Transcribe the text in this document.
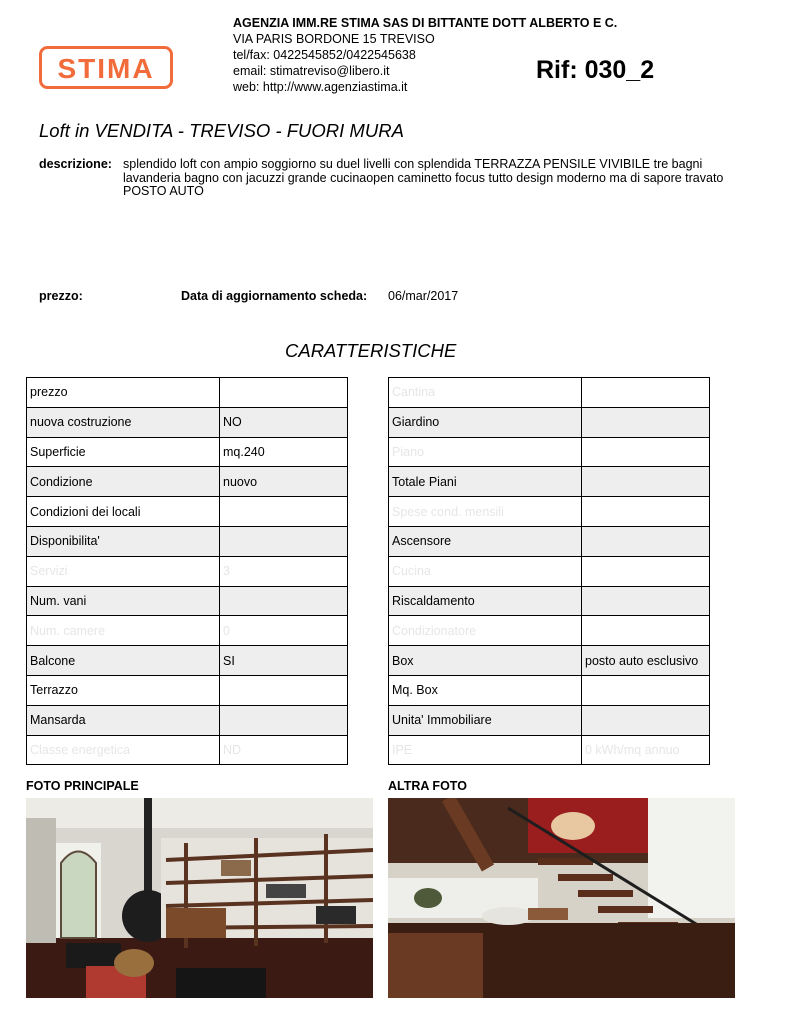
STIMA
AGENZIA IMM.RE STIMA SAS DI BITTANTE DOTT ALBERTO E C.
VIA PARIS BORDONE 15 TREVISO
tel/fax: 0422545852/0422545638
email: stimatreviso@libero.it
web: http://www.agenziastima.it
Rif: 030_2
Loft in VENDITA - TREVISO - FUORI MURA
descrizione: splendido loft con ampio soggiorno su duel livelli con splendida TERRAZZA PENSILE VIVIBILE tre bagni lavanderia bagno con jacuzzi grande cucinaopen caminetto focus tutto design moderno ma di sapore travato POSTO AUTO
prezzo:	Data di aggiornamento scheda: 06/mar/2017
CARATTERISTICHE
prezzo	
nuova costruzione	NO
Superficie	mq.240
Condizione	nuovo
Condizioni dei locali	
Disponibilita'	
Servizi	3
Num. vani	
Num. camere	0
Balcone	SI
Terrazzo	
Mansarda	
Classe energetica	ND
Cantina	
Giardino	
Piano	
Totale Piani	
Spese cond. mensili	
Ascensore	
Cucina	
Riscaldamento	
Condizionatore	
Box	posto auto esclusivo
Mq. Box	
Unita' Immobiliare	
IPE	0 kWh/mq annuo
FOTO PRINCIPALE	ALTRA FOTO
